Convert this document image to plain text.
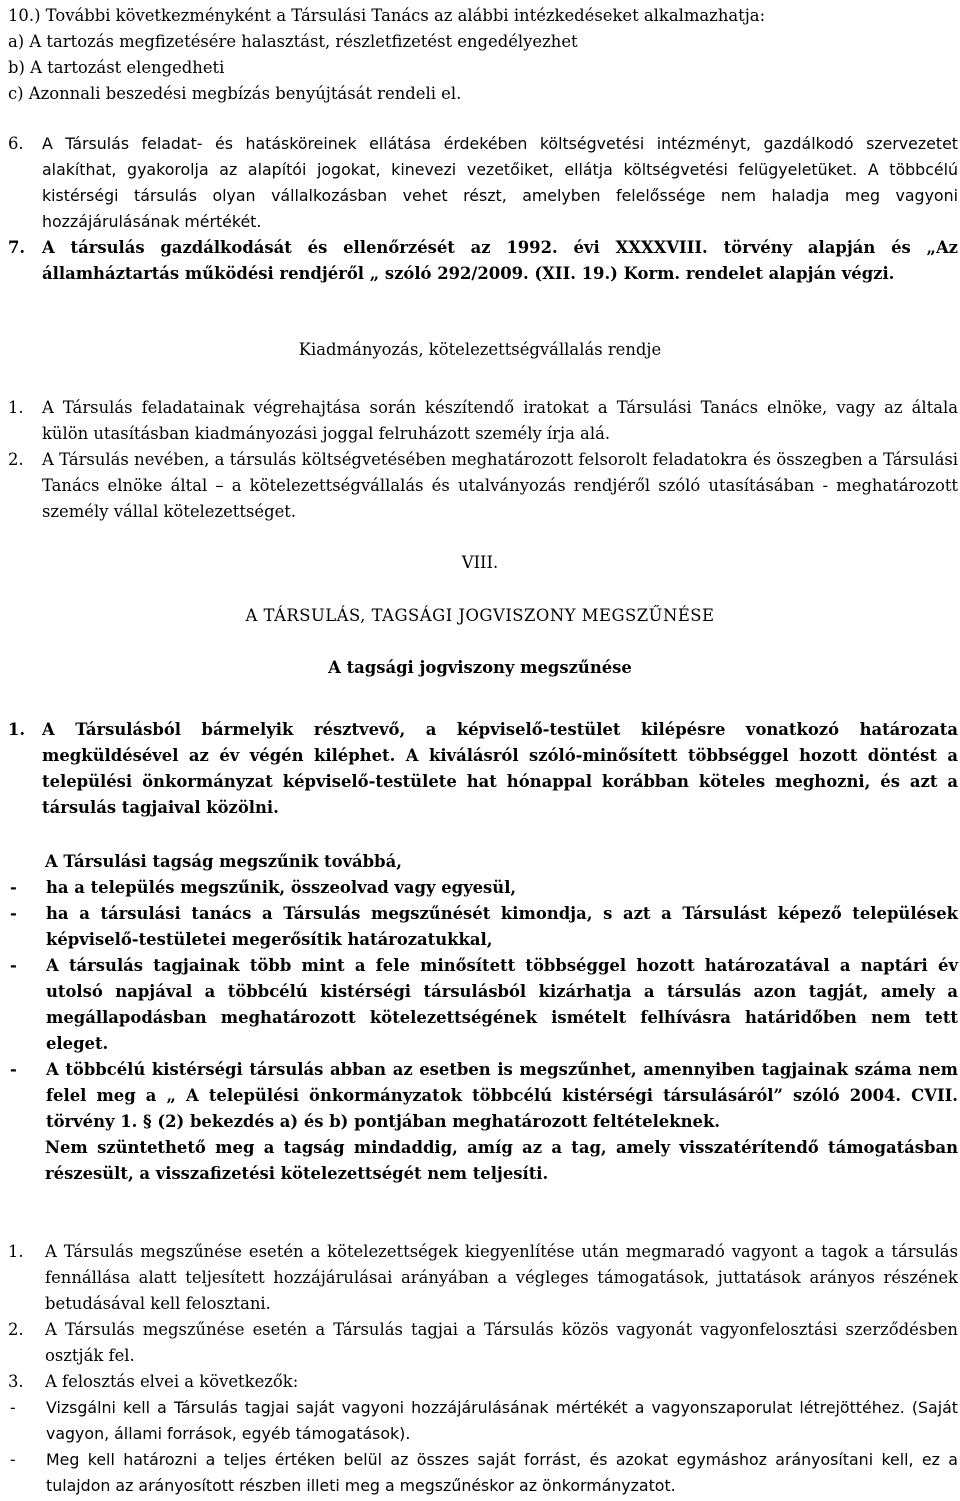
10.) További következményként a Társulási Tanács az alábbi intézkedéseket alkalmazhatja:
a) A tartozás megfizetésére halasztást, részletfizetést engedélyezhet
b) A tartozást elengedheti
c) Azonnali beszedési megbízás benyújtását rendeli el.
6.	A Társulás feladat- és hatásköreinek ellátása érdekében költségvetési intézményt, gazdálkodó szervezetet alakíthat, gyakorolja az alapítói jogokat, kinevezi vezetőiket, ellátja költségvetési felügyeletüket. A többcélú kistérségi társulás olyan vállalkozásban vehet részt, amelyben felelőssége nem haladja meg vagyoni hozzájárulásának mértékét.
7.	A társulás gazdálkodását és ellenőrzését az 1992. évi XXXXVIII. törvény alapján és „Az államháztartás működési rendjéről „ szóló 292/2009. (XII. 19.) Korm. rendelet alapján végzi.
Kiadmányozás, kötelezettségvállalás rendje
1.	A Társulás feladatainak végrehajtása során készítendő iratokat a Társulási Tanács elnöke, vagy az általa külön utasításban kiadmányozási joggal felruházott személy írja alá.
2.	A Társulás nevében, a társulás költségvetésében meghatározott felsorolt feladatokra és összegben a Társulási Tanács elnöke által – a kötelezettségvállalás és utalványozás rendjéről szóló utasításában - meghatározott személy vállal kötelezettséget.
VIII.
A TÁRSULÁS, TAGSÁGI JOGVISZONY MEGSZŰNÉSE
A tagsági jogviszony megszűnése
1.	A Társulásból bármelyik résztvevő, a képviselő-testület kilépésre vonatkozó határozata megküldésével az év végén kiléphet. A kiválásról szóló-minősített többséggel hozott döntést a települési önkormányzat képviselő-testülete hat hónappal korábban köteles meghozni, és azt a társulás tagjaival közölni.
A Társulási tagság megszűnik továbbá,
-	ha a település megszűnik, összeolvad vagy egyesül,
-	ha a társulási tanács a Társulás megszűnését kimondja, s azt a Társulást képező települések képviselő-testületei megerősítik határozatukkal,
-	A társulás tagjainak több mint a fele minősített többséggel hozott határozatával a naptári év utolsó napjával a többcélú kistérségi társulásból kizárhatja a társulás azon tagját, amely a megállapodásban meghatározott kötelezettségének ismételt felhívásra határidőben nem tett eleget.
-	A többcélú kistérségi társulás abban az esetben is megszűnhet, amennyiben tagjainak száma nem felel meg a „ A települési önkormányzatok többcélú kistérségi társulásáról” szóló 2004. CVII. törvény 1. § (2) bekezdés a) és b) pontjában meghatározott feltételeknek.
Nem szüntethető meg a tagság mindaddig, amíg az a tag, amely visszatérítendő támogatásban részesült, a visszafizetési kötelezettségét nem teljesíti.
1.	A Társulás megszűnése esetén a kötelezettségek kiegyenlítése után megmaradó vagyont a tagok a társulás fennállása alatt teljesített hozzájárulásai arányában a végleges támogatások, juttatások arányos részének betudásával kell felosztani.
2.	A Társulás megszűnése esetén a Társulás tagjai a Társulás közös vagyonát vagyonfelosztási szerződésben osztják fel.
3.	A felosztás elvei a következők:
-	Vizsgálni kell a Társulás tagjai saját vagyoni hozzájárulásának mértékét a vagyonszaporulat létrejöttéhez. (Saját vagyon, állami források, egyéb támogatások).
-	Meg kell határozni a teljes értéken belül az összes saját forrást, és azokat egymáshoz arányosítani kell, ez a tulajdon az arányosított részben illeti meg a megszűnéskor az önkormányzatot.
